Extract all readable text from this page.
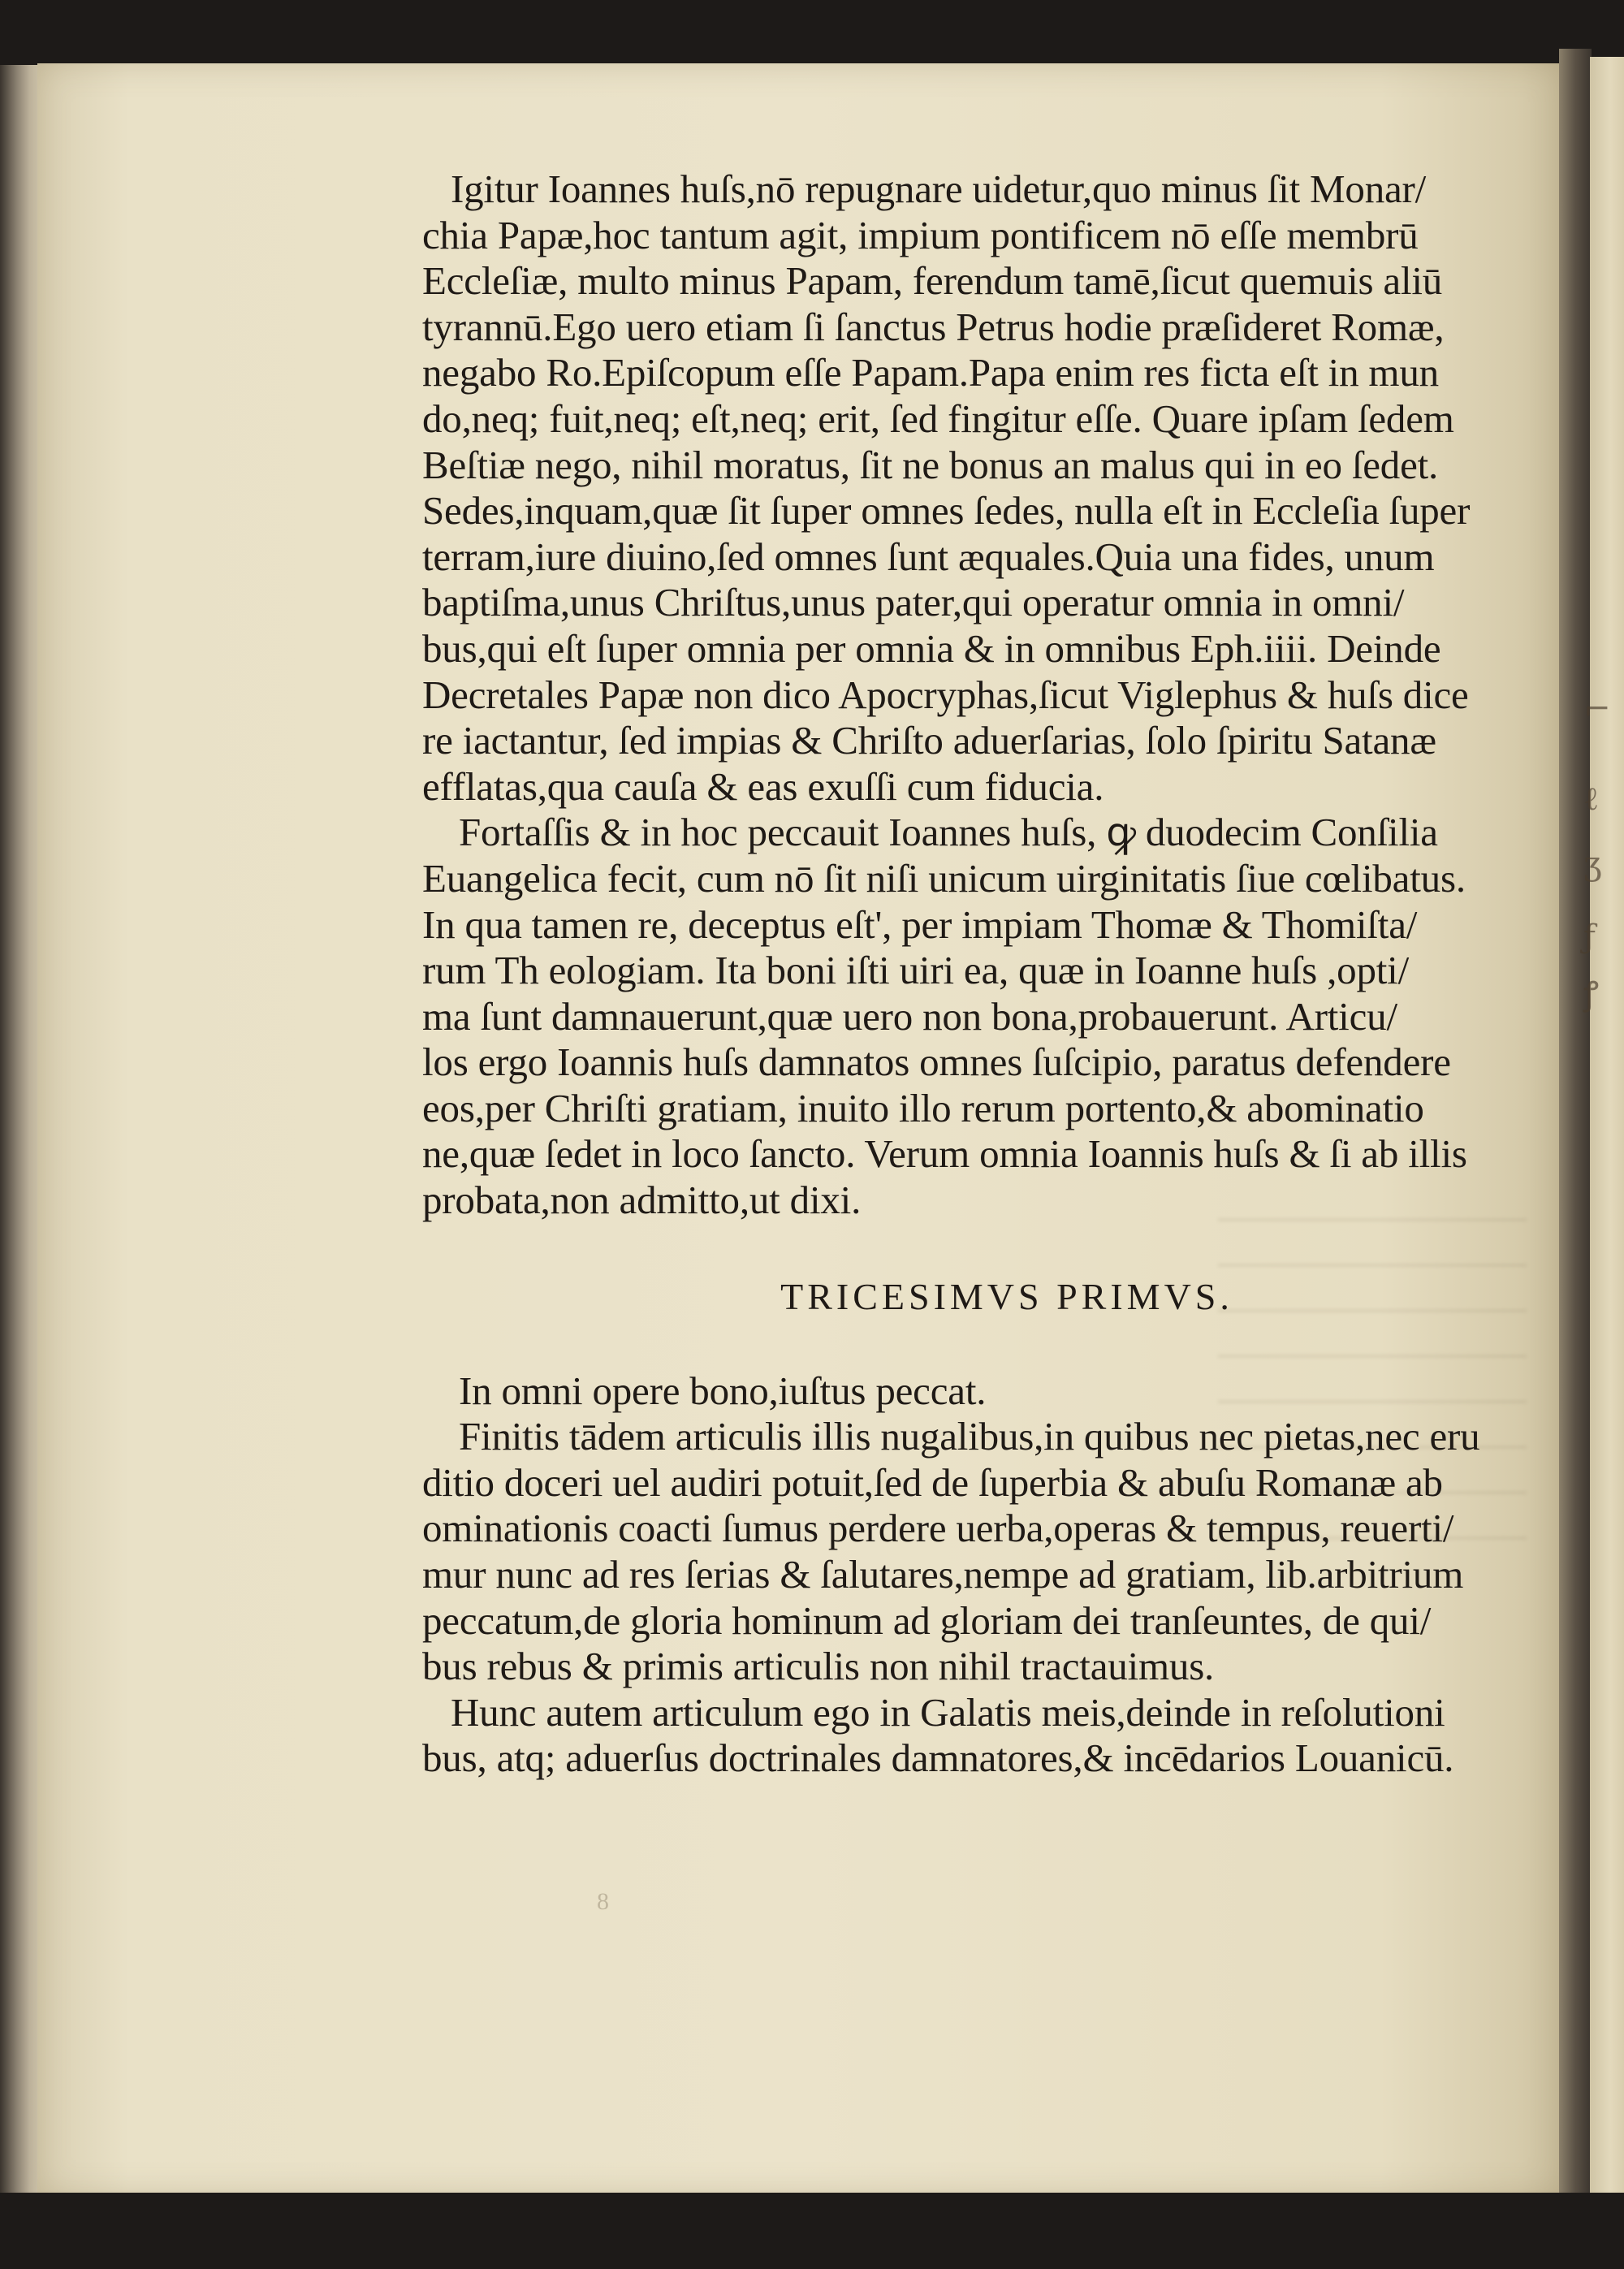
⌐
ℓ
ʒ
ƒ
ꝭ
Igitur Ioannes huſs,nō repugnare uidetur,quo minus ſit Monar/
chia Papæ,hoc tantum agit, impium pontificem nō eſſe membrū
Eccleſiæ, multo minus Papam, ferendum tamē,ſicut quemuis aliū
tyrannū.Ego uero etiam ſi ſanctus Petrus hodie præſideret Romæ,
negabo Ro.Epiſcopum eſſe Papam.Papa enim res ficta eſt in mun
do,neq; fuit,neq; eſt,neq; erit, ſed fingitur eſſe. Quare ipſam ſedem
Beſtiæ nego, nihil moratus, ſit ne bonus an malus qui in eo ſedet.
Sedes,inquam,quæ ſit ſuper omnes ſedes, nulla eſt in Eccleſia ſuper
terram,iure diuino,ſed omnes ſunt æquales.Quia una fides, unum
baptiſma,unus Chriſtus,unus pater,qui operatur omnia in omni/
bus,qui eſt ſuper omnia per omnia & in omnibus Eph.iiii. Deinde
Decretales Papæ non dico Apocryphas,ſicut Viglephus & huſs dice
re iactantur, ſed impias & Chriſto aduerſarias, ſolo ſpiritu Satanæ
efflatas,qua cauſa & eas exuſſi cum fiducia.
Fortaſſis & in hoc peccauit Ioannes huſs, ꝙ duodecim Conſilia
Euangelica fecit, cum nō ſit niſi unicum uirginitatis ſiue cœlibatus.
In qua tamen re, deceptus eſt', per impiam Thomæ & Thomiſta/
rum Th eologiam. Ita boni iſti uiri ea, quæ in Ioanne huſs ,opti/
ma ſunt damnauerunt,quæ uero non bona,probauerunt. Articu/
los ergo Ioannis huſs damnatos omnes ſuſcipio, paratus defendere
eos,per Chriſti gratiam, inuito illo rerum portento,& abominatio
ne,quæ ſedet in loco ſancto. Verum omnia Ioannis huſs & ſi ab illis
probata,non admitto,ut dixi.
TRICESIMVS PRIMVS.
In omni opere bono,iuſtus peccat.
Finitis tādem articulis illis nugalibus,in quibus nec pietas,nec eru
ditio doceri uel audiri potuit,ſed de ſuperbia & abuſu Romanæ ab
ominationis coacti ſumus perdere uerba,operas & tempus, reuerti/
mur nunc ad res ſerias & ſalutares,nempe ad gratiam, lib.arbitrium
peccatum,de gloria hominum ad gloriam dei tranſeuntes, de qui/
bus rebus & primis articulis non nihil tractauimus.
Hunc autem articulum ego in Galatis meis,deinde in reſolutioni
bus, atq; aduerſus doctrinales damnatores,& incēdarios Louanicū.
8
